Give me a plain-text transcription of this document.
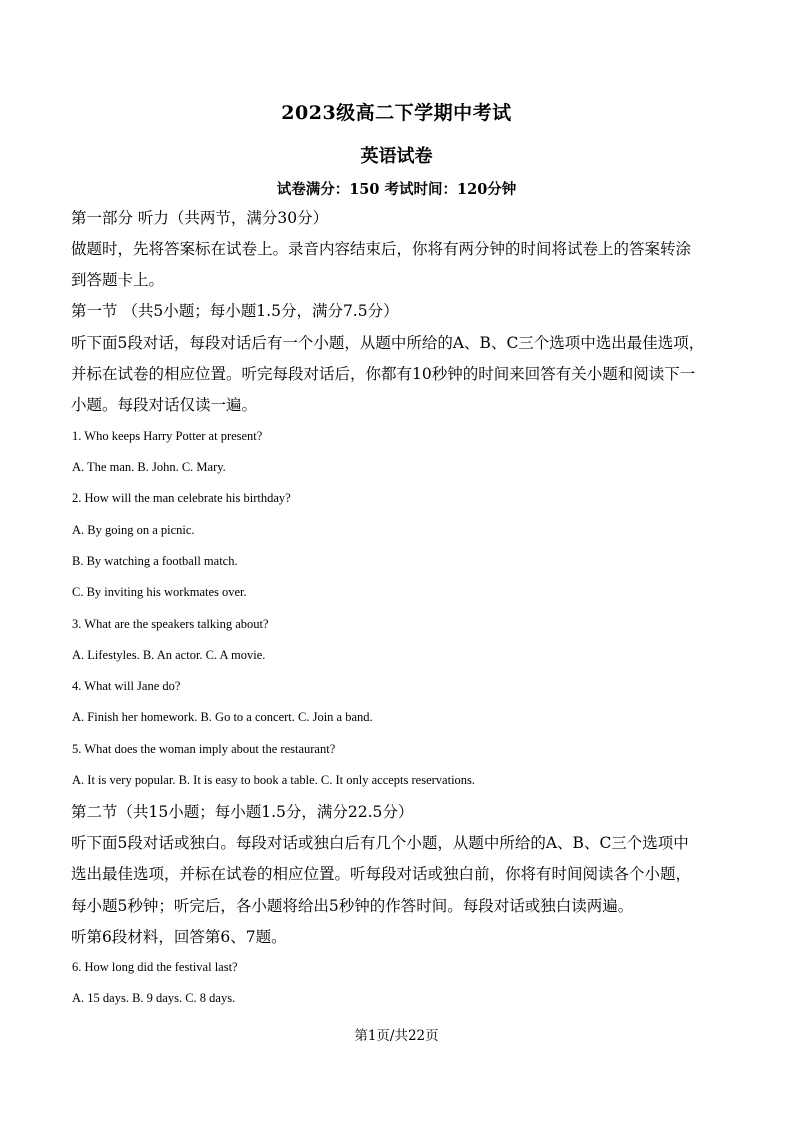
2023级高二下学期中考试
英语试卷
试卷满分：150 考试时间：120分钟
第一部分 听力（共两节，满分30分）
做题时，先将答案标在试卷上。录音内容结束后，你将有两分钟的时间将试卷上的答案转涂
到答题卡上。
第一节 （共5小题；每小题1.5分，满分7.5分）
听下面5段对话，每段对话后有一个小题，从题中所给的A、B、C三个选项中选出最佳选项，
并标在试卷的相应位置。听完每段对话后，你都有10秒钟的时间来回答有关小题和阅读下一
小题。每段对话仅读一遍。
1. Who keeps Harry Potter at present?
A. The man. B. John. C. Mary.
2. How will the man celebrate his birthday?
A. By going on a picnic.
B. By watching a football match.
C. By inviting his workmates over.
3. What are the speakers talking about?
A. Lifestyles. B. An actor. C. A movie.
4. What will Jane do?
A. Finish her homework. B. Go to a concert. C. Join a band.
5. What does the woman imply about the restaurant?
A. It is very popular. B. It is easy to book a table. C. It only accepts reservations.
第二节（共15小题；每小题1.5分，满分22.5分）
听下面5段对话或独白。每段对话或独白后有几个小题，从题中所给的A、B、C三个选项中
选出最佳选项，并标在试卷的相应位置。听每段对话或独白前，你将有时间阅读各个小题，
每小题5秒钟；听完后，各小题将给出5秒钟的作答时间。每段对话或独白读两遍。
听第6段材料，回答第6、7题。
6. How long did the festival last?
A. 15 days. B. 9 days. C. 8 days.
第1页/共22页
